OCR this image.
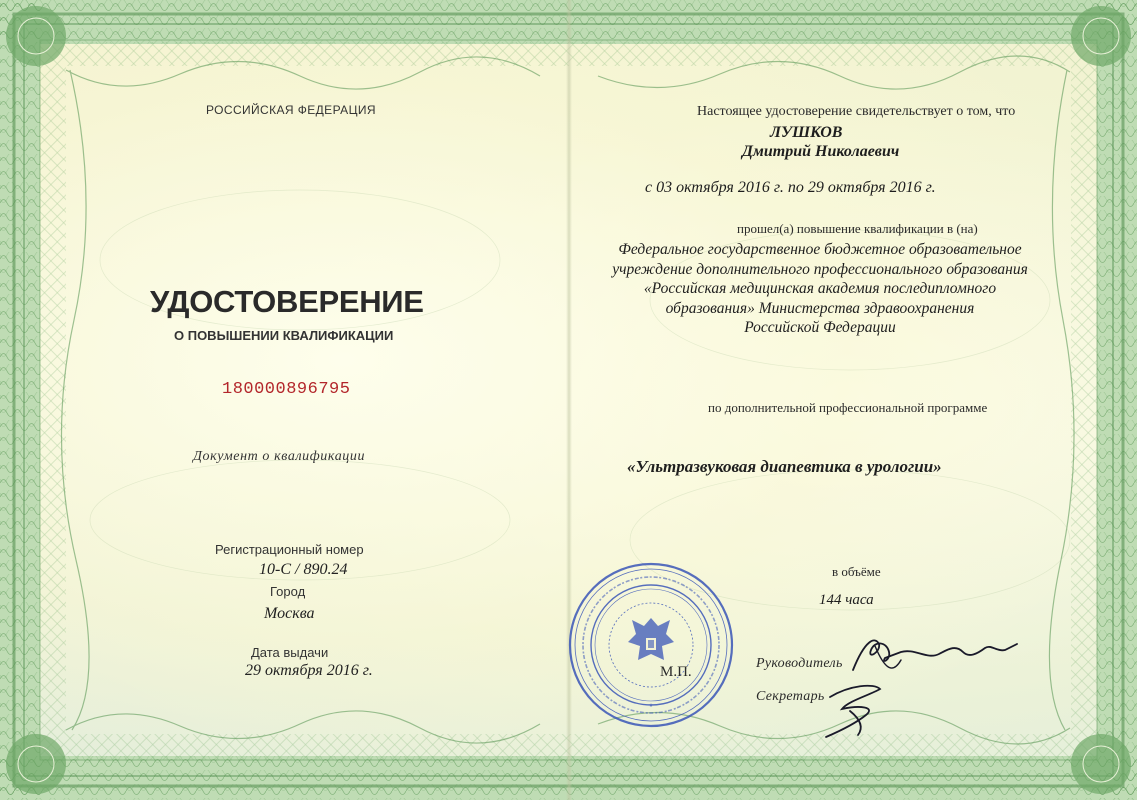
РОССИЙСКАЯ ФЕДЕРАЦИЯ
УДОСТОВЕРЕНИЕ
О ПОВЫШЕНИИ КВАЛИФИКАЦИИ
180000896795
Документ о квалификации
Регистрационный номер
10-С / 890.24
Город
Москва
Дата выдачи
29 октября 2016 г.
Настоящее удостоверение свидетельствует о том, что
ЛУШКОВ
Дмитрий Николаевич
с 03 октября 2016 г. по 29 октября 2016 г.
прошел(а) повышение квалификации в (на)
Федеральное государственное бюджетное образовательное
учреждение дополнительного профессионального образования
«Российская медицинская академия последипломного
образования» Министерства здравоохранения
Российской Федерации
по дополнительной профессиональной программе
«Ультразвуковая диапевтика в урологии»
в объёме
144 часа
*
М.П.
Руководитель
Секретарь
